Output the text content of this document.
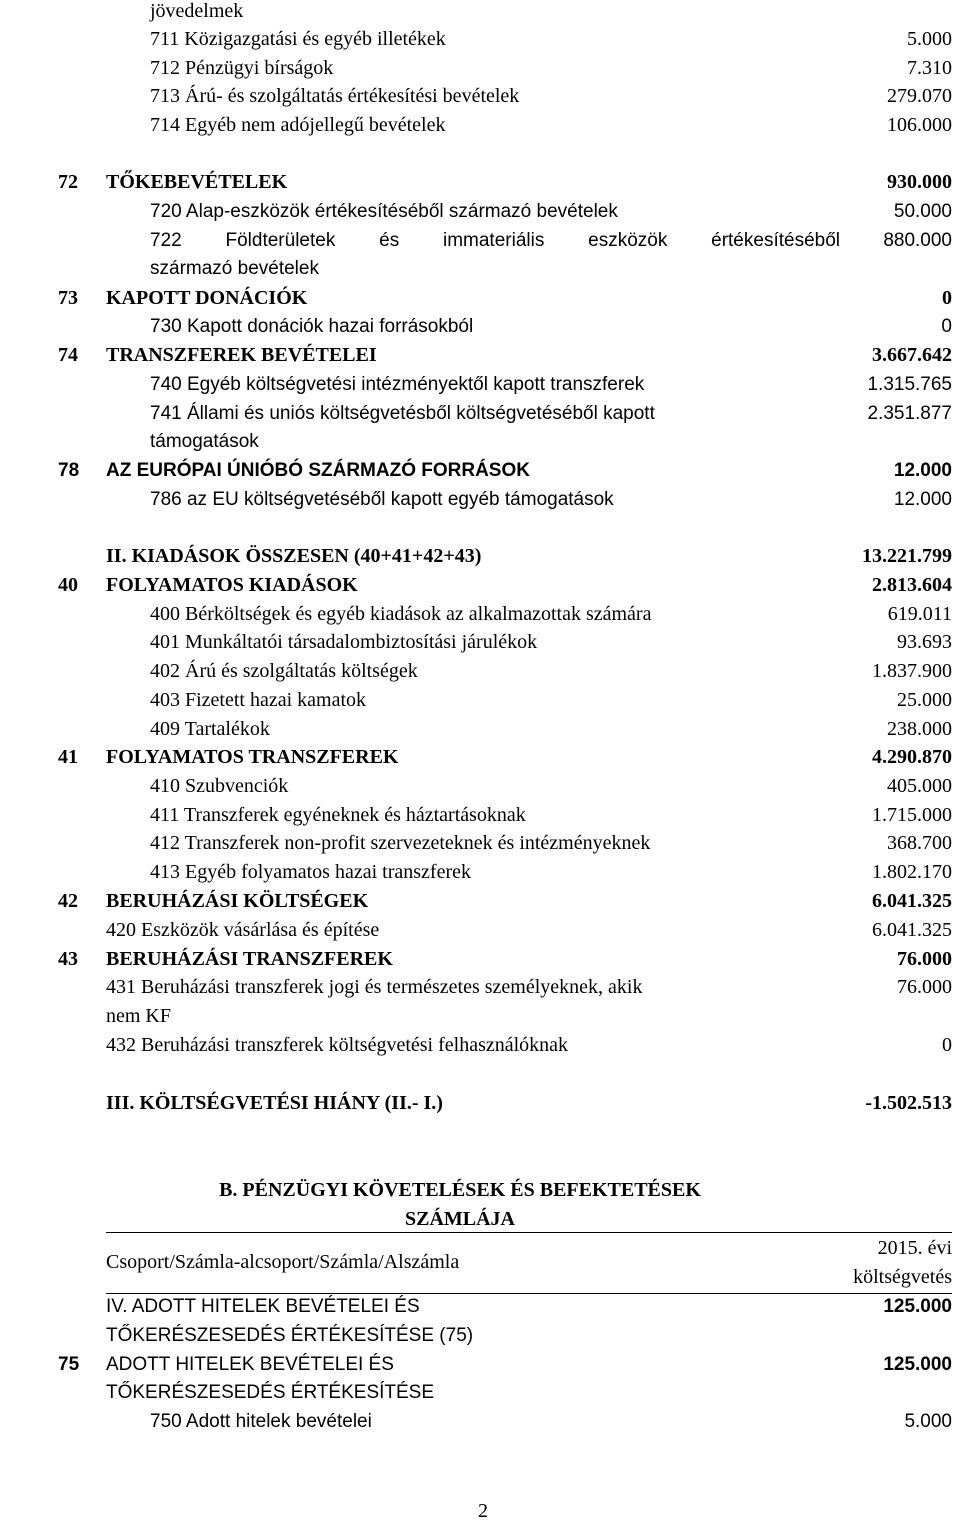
jövedelmek
711 Közigazgatási és egyéb illetékek	5.000
712 Pénzügyi bírságok	7.310
713 Árú- és szolgáltatás értékesítési bevételek	279.070
714 Egyéb nem adójellegű bevételek	106.000
72 TŐKEBEVÉTELEK	930.000
720 Alap-eszközök értékesítéséből származó bevételek	50.000
722 Földterületek és immateriális eszközök értékesítéséből 880.000
származó bevételek
73 KAPOTT DONÁCIÓK	0
730 Kapott donációk hazai forrásokból	0
74 TRANSZFEREK BEVÉTELEI	3.667.642
740 Egyéb költségvetési intézményektől kapott transzferek	1.315.765
741 Állami és uniós költségvetésből költségvetéséből kapott	2.351.877
támogatások
78 AZ EURÓPAI ÚNIÓBÓ SZÁRMAZÓ FORRÁSOK	12.000
786 az EU költségvetéséből kapott egyéb támogatások	12.000
II. KIADÁSOK ÖSSZESEN (40+41+42+43)	13.221.799
40 FOLYAMATOS KIADÁSOK	2.813.604
400 Bérköltségek és egyéb kiadások az alkalmazottak számára	619.011
401 Munkáltatói társadalombiztosítási járulékok	93.693
402 Árú és szolgáltatás költségek	1.837.900
403 Fizetett hazai kamatok	25.000
409 Tartalékok	238.000
41 FOLYAMATOS TRANSZFEREK	4.290.870
410 Szubvenciók	405.000
411 Transzferek egyéneknek és háztartásoknak	1.715.000
412 Transzferek non-profit szervezeteknek és intézményeknek	368.700
413 Egyéb folyamatos hazai transzferek	1.802.170
42 BERUHÁZÁSI KÖLTSÉGEK	6.041.325
420 Eszközök vásárlása és építése	6.041.325
43 BERUHÁZÁSI TRANSZFEREK	76.000
431 Beruházási transzferek jogi és természetes személyeknek, akik	76.000
nem KF
432 Beruházási transzferek költségvetési felhasználóknak	0
III. KÖLTSÉGVETÉSI HIÁNY (II.- I.)	-1.502.513
B. PÉNZÜGYI KÖVETELÉSEK ÉS BEFEKTETÉSEK
SZÁMLÁJA
Csoport/Számla-alcsoport/Számla/Alszámla
2015. évi
költségvetés
IV. ADOTT HITELEK BEVÉTELEI ÉS	125.000
TŐKERÉSZESEDÉS ÉRTÉKESÍTÉSE (75)
75 ADOTT HITELEK BEVÉTELEI ÉS	125.000
TŐKERÉSZESEDÉS ÉRTÉKESÍTÉSE
750 Adott hitelek bevételei	5.000
2
